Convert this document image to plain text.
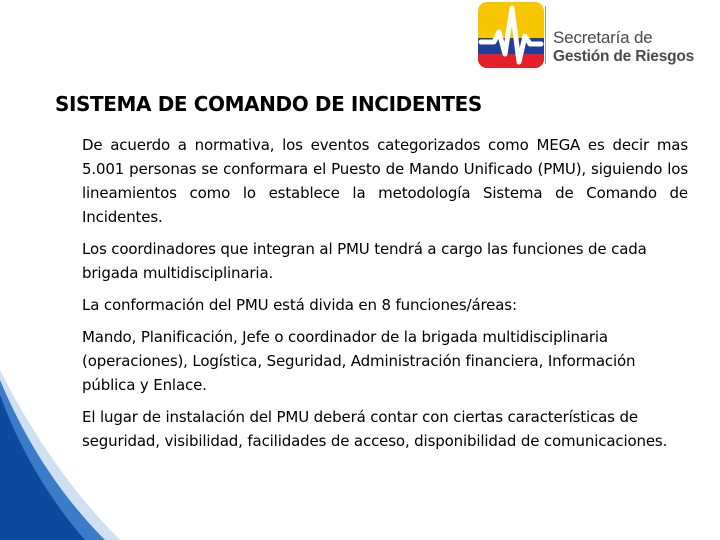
Secretaría de
Gestión de Riesgos
SISTEMA DE COMANDO DE INCIDENTES

De acuerdo a normativa, los eventos categorizados como MEGA es decir mas 5.001 personas se conformara el Puesto de Mando Unificado (PMU), siguiendo los lineamientos como lo establece la metodología Sistema de Comando de Incidentes.

Los coordinadores que integran al PMU tendrá a cargo las funciones de cada brigada multidisciplinaria.

La conformación del PMU está divida en 8 funciones/áreas:

Mando, Planificación, Jefe o coordinador de la brigada multidisciplinaria (operaciones), Logística, Seguridad, Administración financiera, Información pública y Enlace.

El lugar de instalación del PMU deberá contar con ciertas características de seguridad, visibilidad, facilidades de acceso, disponibilidad de comunicaciones.
